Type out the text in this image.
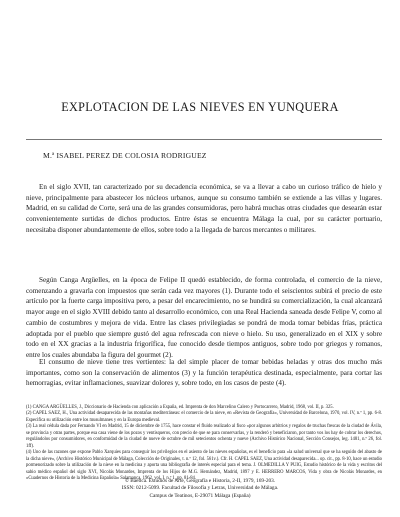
EXPLOTACION DE LAS NIEVES EN YUNQUERA
M.ª ISABEL PEREZ DE COLOSIA RODRIGUEZ

En el siglo XVII, tan caracterizado por su decadencia económica, se va a llevar a cabo un curioso tráfico de hielo y nieve, principalmente para abastecer los núcleos urbanos, aunque su consumo también se extiende a las villas y lugares. Madrid, en su calidad de Corte, será una de las grandes consumidoras, pero habrá muchas otras ciudades que desearán estar convenientemente surtidas de dichos productos. Entre éstas se encuentra Málaga la cual, por su carácter portuario, necesitaba disponer abundantemente de ellos, sobre todo a la llegada de barcos mercantes o militares.

Según Canga Argüelles, en la época de Felipe II quedó establecido, de forma controlada, el comercio de la nieve, comenzando a gravarla con impuestos que serán cada vez mayores (1). Durante todo el seiscientos subirá el precio de este artículo por la fuerte carga impositiva pero, a pesar del encarecimiento, no se hundirá su comercialización, la cual alcanzará mayor auge en el siglo XVIII debido tanto al desarrollo económico, con una Real Hacienda saneada desde Felipe V, como al cambio de costumbres y mejora de vida. Entre las clases privilegiadas se pondrá de moda tomar bebidas frías, práctica adoptada por el pueblo que siempre gustó del agua refrescada con nieve o hielo. Su uso, generalizado en el XIX y sobre todo en el XX gracias a la industria frigorífica, fue conocido desde tiempos antiguos, sobre todo por griegos y romanos, entre los cuales abundaba la figura del gourmet (2).

El consumo de nieve tiene tres vertientes: la del simple placer de tomar bebidas heladas y otras dos mucho más importantes, como son la conservación de alimentos (3) y la función terapéutica destinada, especialmente, para cortar las hemorragias, evitar inflamaciones, suavizar dolores y, sobre todo, en los casos de peste (4).

(1) CANGA ARGÜELLES, J., Diccionario de Hacienda con aplicación a España, ed. Imprenta de don Marcelino Calero y Portocarrero, Madrid, 1968, vol. II, p. 325.

(2) CAPEL SAEZ, H., Una actividad desaparecida de las montañas mediterráneas: el comercio de la nieve, en «Revista de Geografía», Universidad de Barcelona, 1970, vol. IV, n.º 1, pp. 6-8. Especifica su utilización entre los musulmanes y en la Europa medieval.

(3) La real cédula dada por Fernando VI en Madrid, 15 de diciembre de 1755, hace constar el fluido realizado al fisco «por algunos arbitrios y regalos de truchas frescas de la ciudad de Ávila, se provincia y otras partes, porque esa casa viene de los pozos y ventisqueros, con precio de que se para conservarlas, y la renderó y beneficiaron, por tanto vos los hay de cobrar los derechos, regulándolos por consumidores, en conformidad de la ciudad de nueve de octubre de mil setecientos ochenta y nueve (Archivo Histórico Nacional, Sección Consejos, leg. 1481, n.º 26, fol. 1ff).

(4) Uno de las razones que expone Pablo Xarquies para conseguir los privilegios en el asiento de las nieves españolas, es el beneficio para «la salud universal que se ha seguido del abasto de la dicha nieve», (Archivo Histórico Municipal de Málaga, Colección de Originales, t. n.º 12, fol. 561v.). Cfr. H. CAPEL SAEZ, Una actividad desaparecida... op. cit., pp. 8-10, hace un estudio pormenorizado sobre la utilización de la nieve en la medicina y aporta una bibliografía de interés especial para el tema. J. OLMEDILLA Y PUIG, Estudio histórico de la vida y escritos del sabio médico español del siglo XVI, Nicolás Monardes, Imprenta de los Hijos de M.G. Hernández, Madrid, 1897 y E. HERRERO MARCOS, Vida y obra de Nicolás Monardes, en «Cuadernos de Historia de la Medicina Española» Salamanca, 1962, vol. I, n.º 1, pp. 81-84.

© Baetica. Estudios de Arte, Geografía e Historia, 2-II, 1979, 169-203.
ISSN: 0212-5099. Facultad de Filosofía y Letras, Universidad de Málaga.
Campus de Teatinos, E-29071 Málaga (España)
